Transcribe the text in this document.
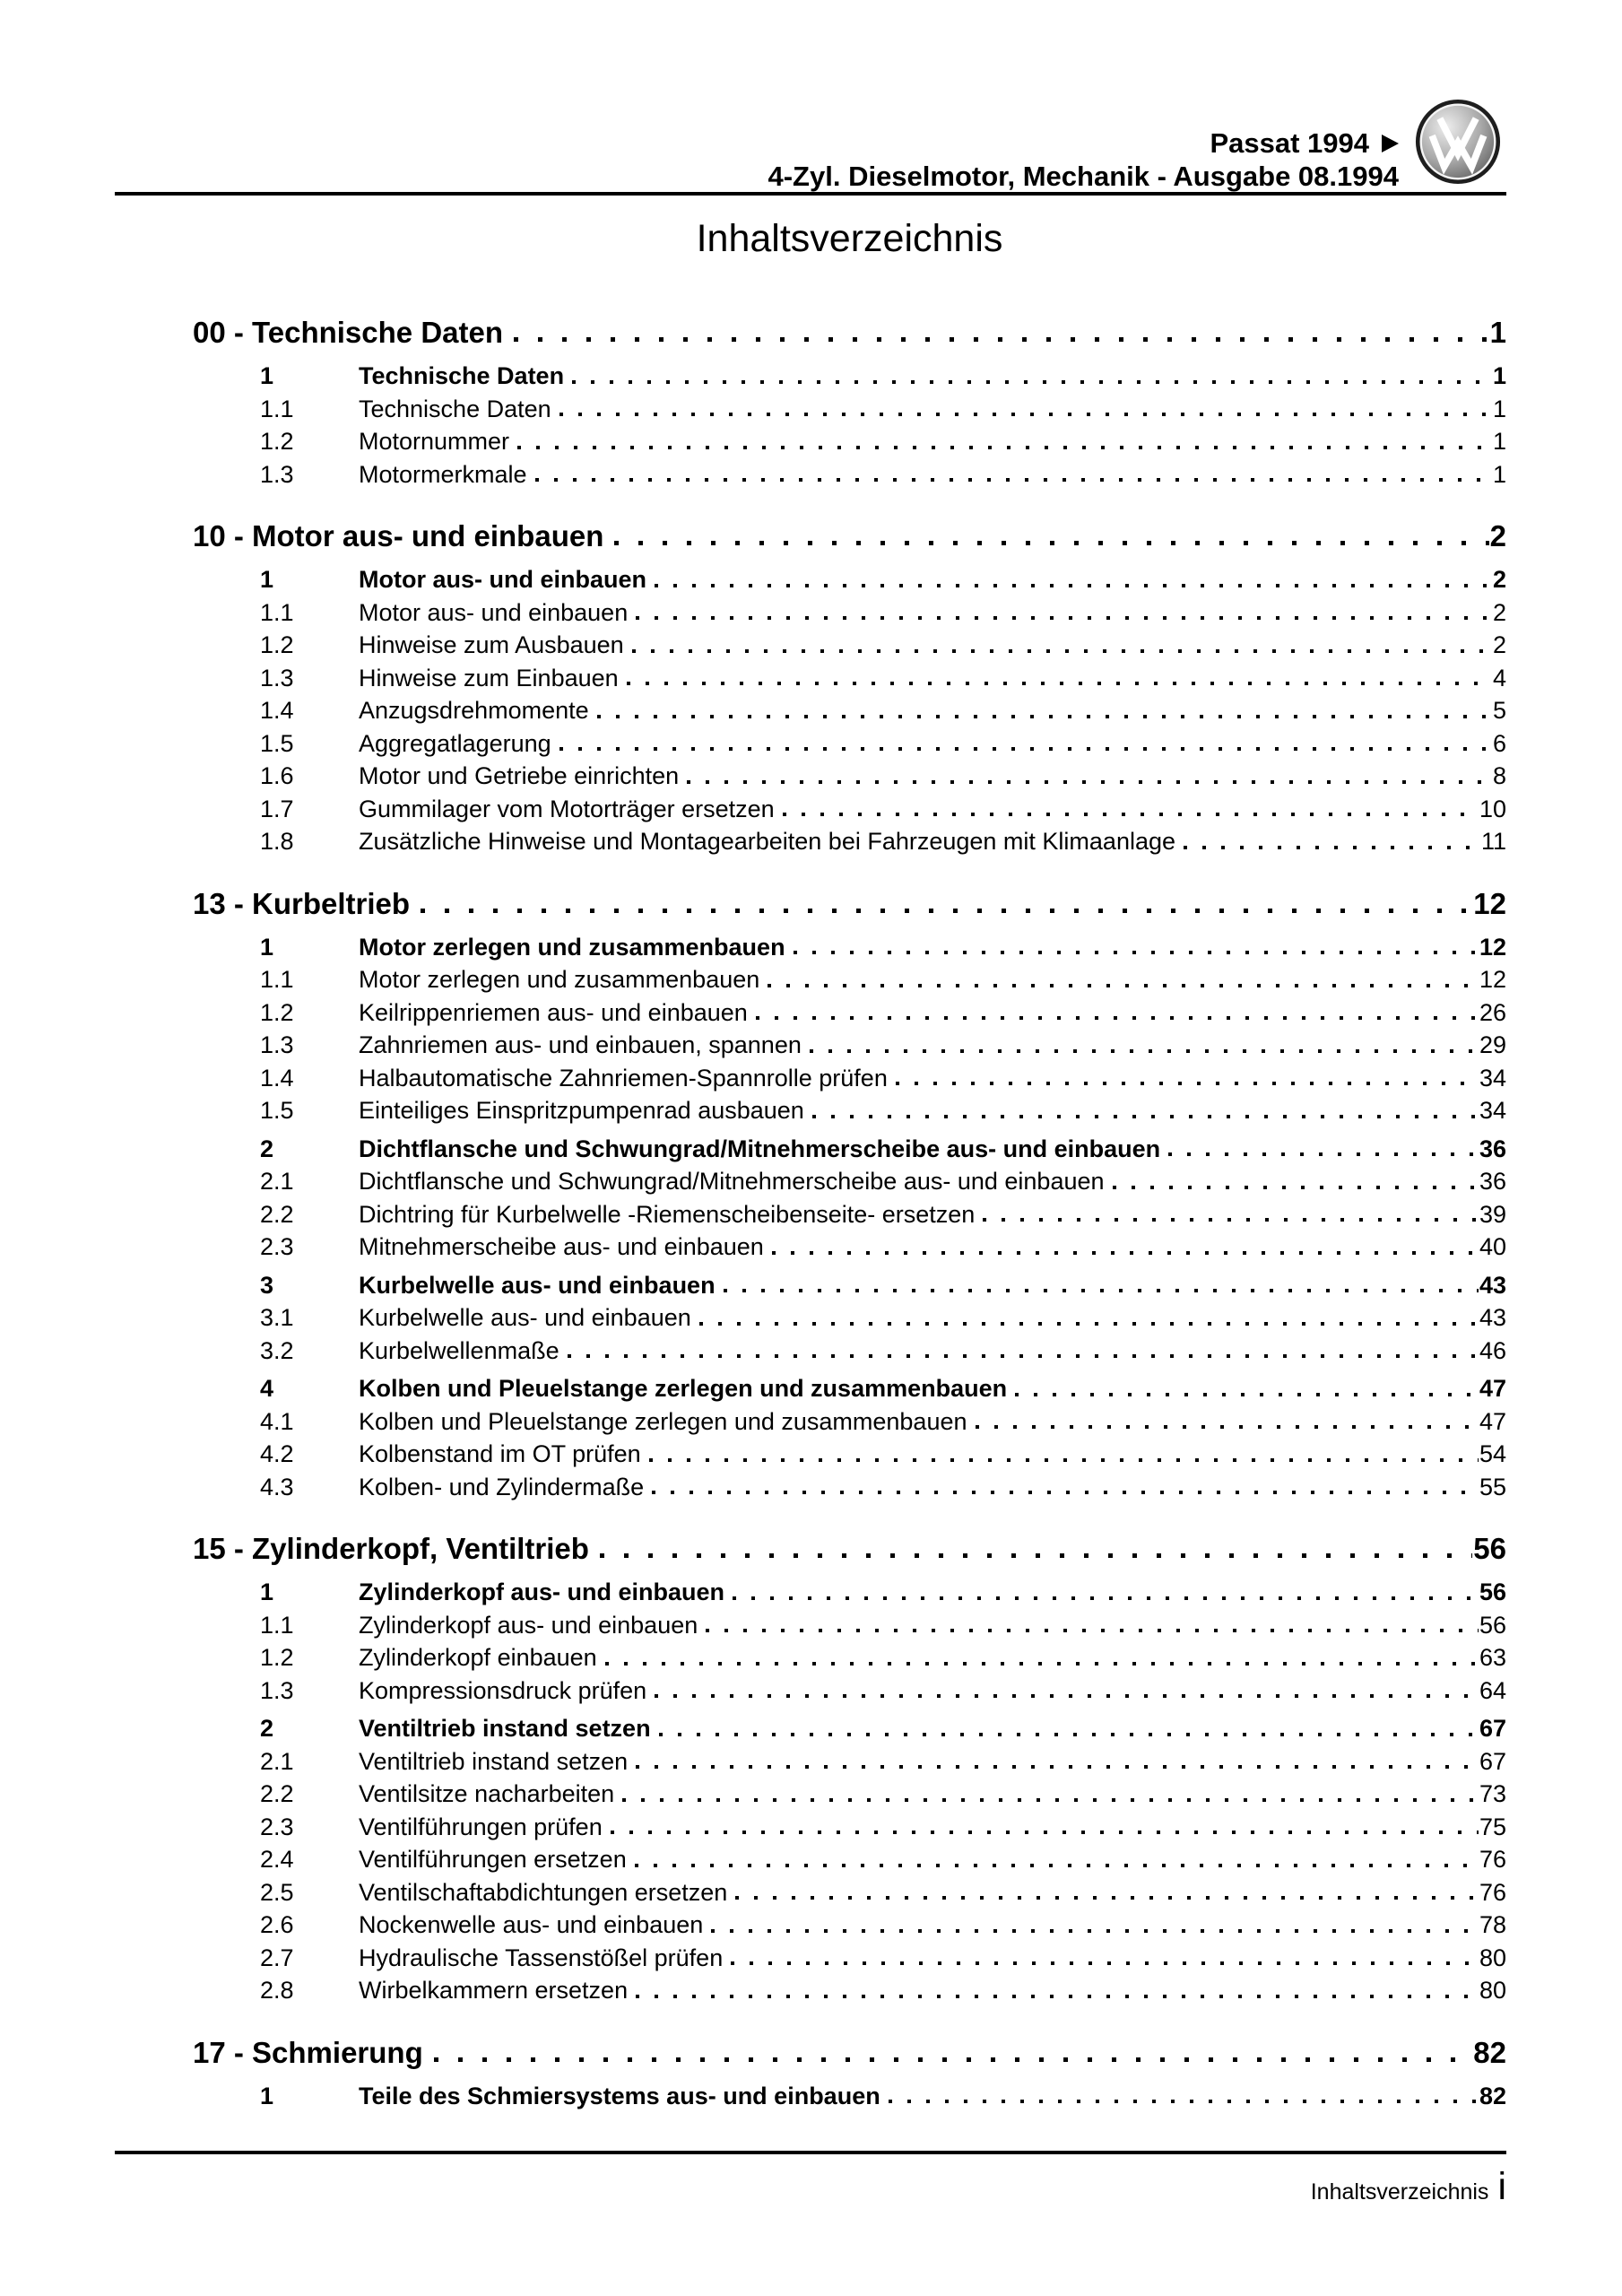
Passat 1994
4-Zyl. Dieselmotor, Mechanik - Ausgabe 08.1994
Inhaltsverzeichnis
00 - Technische Daten	1
1	Technische Daten	1
1.1	Technische Daten	1
1.2	Motornummer	1
1.3	Motormerkmale	1
10 - Motor aus- und einbauen	2
1	Motor aus- und einbauen	2
1.1	Motor aus- und einbauen	2
1.2	Hinweise zum Ausbauen	2
1.3	Hinweise zum Einbauen	4
1.4	Anzugsdrehmomente	5
1.5	Aggregatlagerung	6
1.6	Motor und Getriebe einrichten	8
1.7	Gummilager vom Motorträger ersetzen	10
1.8	Zusätzliche Hinweise und Montagearbeiten bei Fahrzeugen mit Klimaanlage	11
13 - Kurbeltrieb	12
1	Motor zerlegen und zusammenbauen	12
1.1	Motor zerlegen und zusammenbauen	12
1.2	Keilrippenriemen aus- und einbauen	26
1.3	Zahnriemen aus- und einbauen, spannen	29
1.4	Halbautomatische Zahnriemen-Spannrolle prüfen	34
1.5	Einteiliges Einspritzpumpenrad ausbauen	34
2	Dichtflansche und Schwungrad/Mitnehmerscheibe aus- und einbauen	36
2.1	Dichtflansche und Schwungrad/Mitnehmerscheibe aus- und einbauen	36
2.2	Dichtring für Kurbelwelle -Riemenscheibenseite- ersetzen	39
2.3	Mitnehmerscheibe aus- und einbauen	40
3	Kurbelwelle aus- und einbauen	43
3.1	Kurbelwelle aus- und einbauen	43
3.2	Kurbelwellenmaße	46
4	Kolben und Pleuelstange zerlegen und zusammenbauen	47
4.1	Kolben und Pleuelstange zerlegen und zusammenbauen	47
4.2	Kolbenstand im OT prüfen	54
4.3	Kolben- und Zylindermaße	55
15 - Zylinderkopf, Ventiltrieb	56
1	Zylinderkopf aus- und einbauen	56
1.1	Zylinderkopf aus- und einbauen	56
1.2	Zylinderkopf einbauen	63
1.3	Kompressionsdruck prüfen	64
2	Ventiltrieb instand setzen	67
2.1	Ventiltrieb instand setzen	67
2.2	Ventilsitze nacharbeiten	73
2.3	Ventilführungen prüfen	75
2.4	Ventilführungen ersetzen	76
2.5	Ventilschaftabdichtungen ersetzen	76
2.6	Nockenwelle aus- und einbauen	78
2.7	Hydraulische Tassenstößel prüfen	80
2.8	Wirbelkammern ersetzen	80
17 - Schmierung	82
1	Teile des Schmiersystems aus- und einbauen	82
Inhaltsverzeichnis i
